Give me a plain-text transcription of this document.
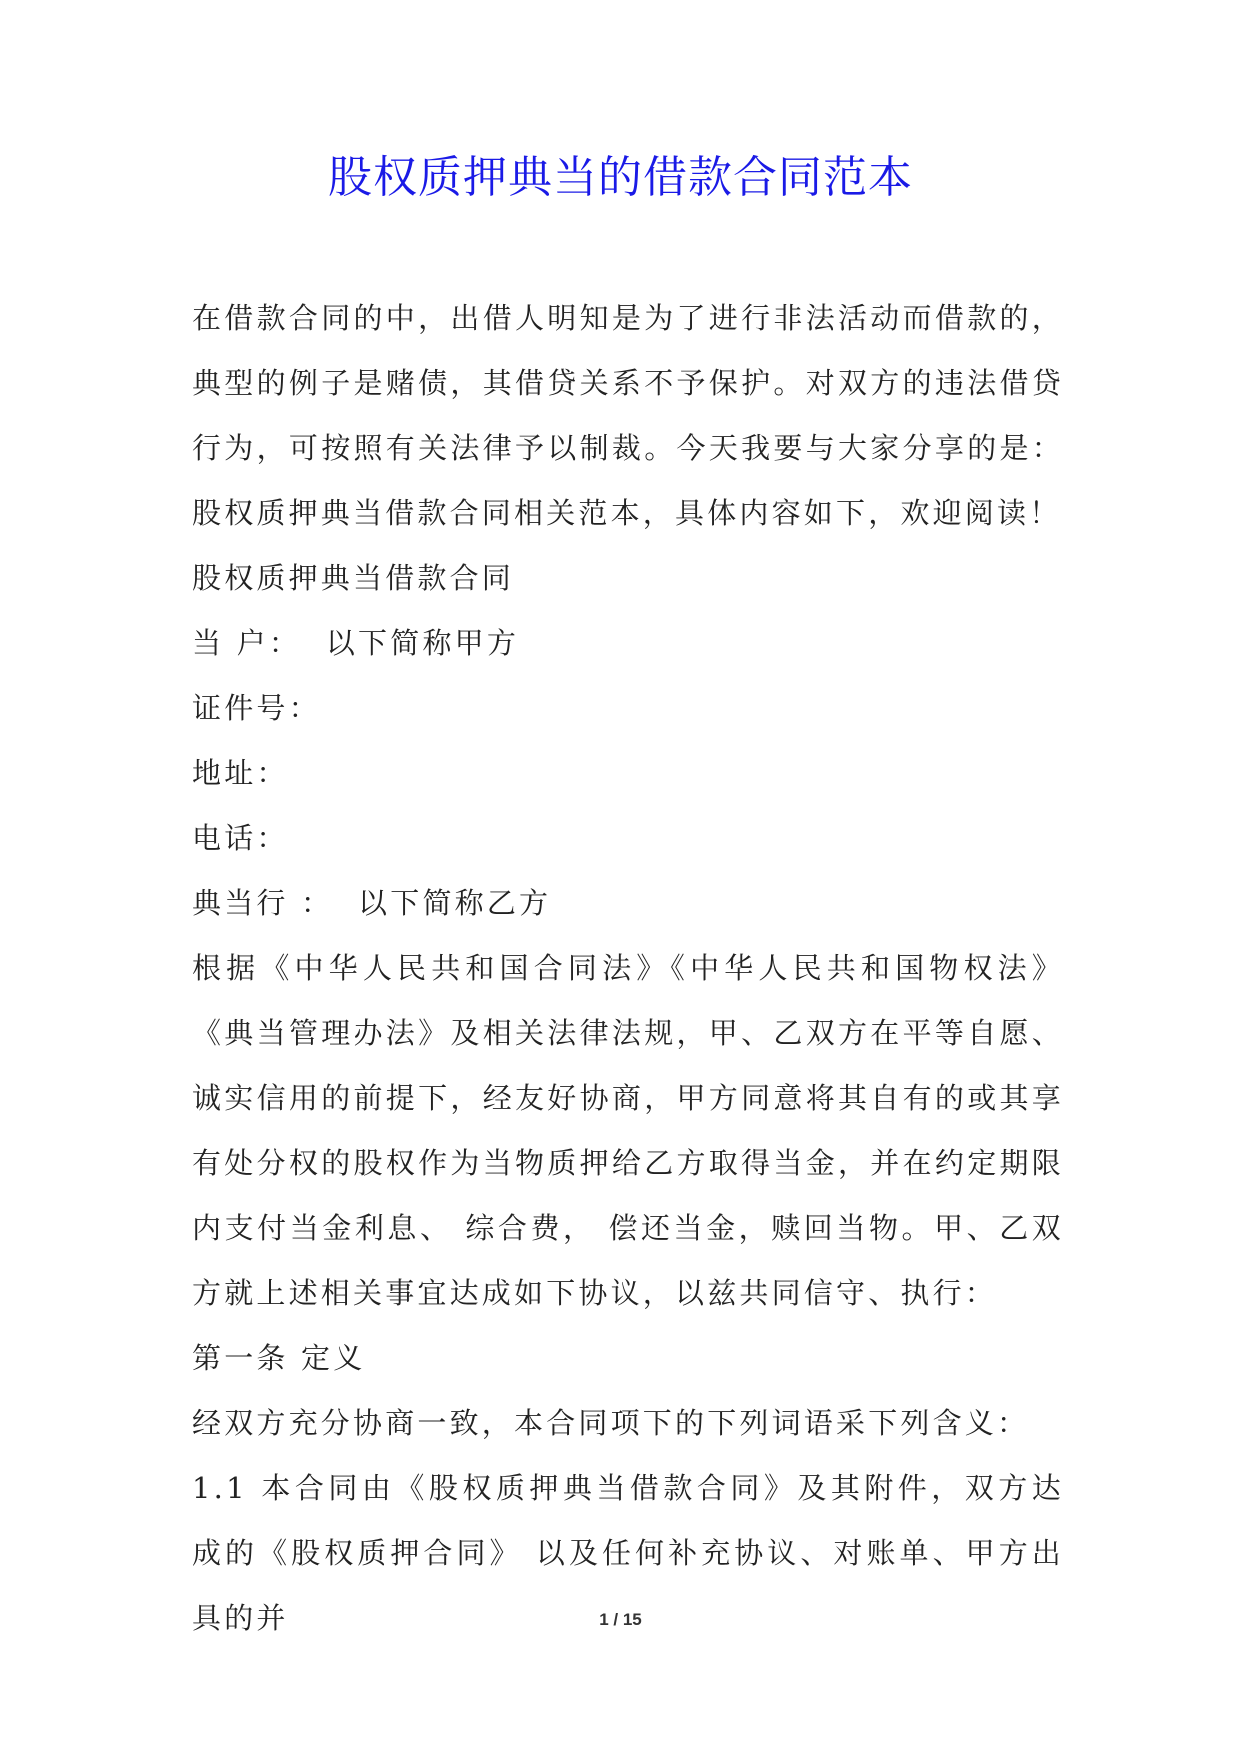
股权质押典当的借款合同范本

在借款合同的中，出借人明知是为了进行非法活动而借款的，典型的例子是赌债，其借贷关系不予保护。对双方的违法借贷行为，可按照有关法律予以制裁。今天我要与大家分享的是：股权质押典当借款合同相关范本，具体内容如下，欢迎阅读！

股权质押典当借款合同

当 户：  以下简称甲方

证件号：

地址：

电话：

典当行 ：  以下简称乙方

根据《中华人民共和国合同法》《中华人民共和国物权法》《典当管理办法》及相关法律法规，甲、乙双方在平等自愿、诚实信用的前提下，经友好协商，甲方同意将其自有的或其享有处分权的股权作为当物质押给乙方取得当金，并在约定期限内支付当金利息、 综合费， 偿还当金，赎回当物。甲、乙双方就上述相关事宜达成如下协议，以兹共同信守、执行：

第一条 定义

经双方充分协商一致，本合同项下的下列词语采下列含义：

1.1 本合同由《股权质押典当借款合同》及其附件，双方达成的《股权质押合同》 以及任何补充协议、对账单、甲方出具的并	1 / 15
